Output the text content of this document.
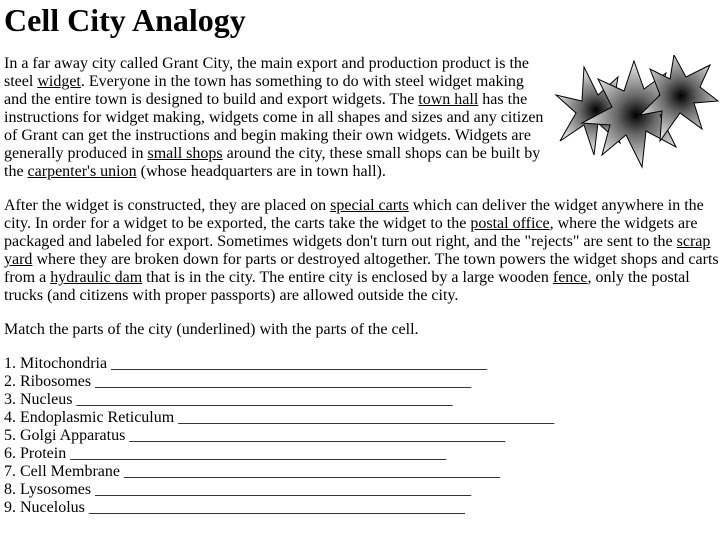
Cell City Analogy

In a far away city called Grant City, the main export and production product is the steel widget. Everyone in the town has something to do with steel widget making and the entire town is designed to build and export widgets. The town hall has the instructions for widget making, widgets come in all shapes and sizes and any citizen of Grant can get the instructions and begin making their own widgets. Widgets are generally produced in small shops around the city, these small shops can be built by the carpenter's union (whose headquarters are in town hall).

After the widget is constructed, they are placed on special carts which can deliver the widget anywhere in the city. In order for a widget to be exported, the carts take the widget to the postal office, where the widgets are packaged and labeled for export. Sometimes widgets don't turn out right, and the "rejects" are sent to the scrap yard where they are broken down for parts or destroyed altogether. The town powers the widget shops and carts from a hydraulic dam that is in the city. The entire city is enclosed by a large wooden fence, only the postal trucks (and citizens with proper passports) are allowed outside the city.

Match the parts of the city (underlined) with the parts of the cell.

1. Mitochondria _______________________________________________
2. Ribosomes _______________________________________________
3. Nucleus _______________________________________________
4. Endoplasmic Reticulum _______________________________________________
5. Golgi Apparatus _______________________________________________
6. Protein _______________________________________________
7. Cell Membrane _______________________________________________
8. Lysosomes _______________________________________________
9. Nucelolus _______________________________________________
